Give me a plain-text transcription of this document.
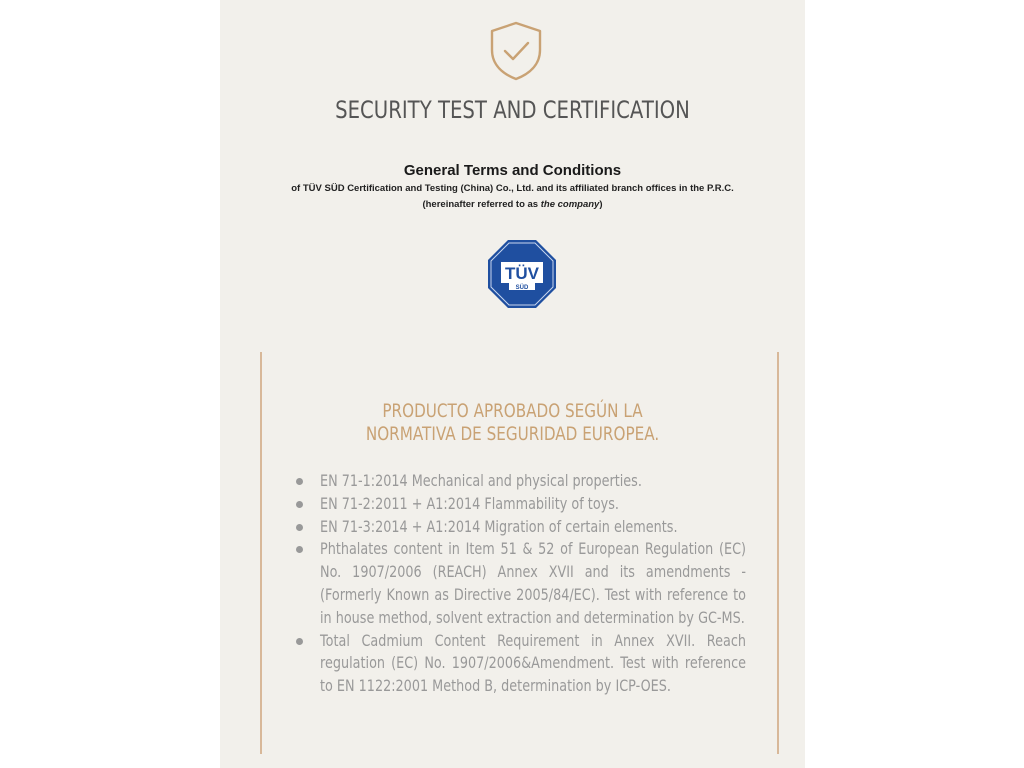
SECURITY TEST AND CERTIFICATION
General Terms and Conditions
of TÜV SÜD Certification and Testing (China) Co., Ltd. and its affiliated branch offices in the P.R.C.
(hereinafter referred to as the company)
TÜV
SÜD
PRODUCTO APROBADO SEGÚN LA
NORMATIVA DE SEGURIDAD EUROPEA.
EN 71-1:2014 Mechanical and physical properties.
EN 71-2:2011 + A1:2014 Flammability of toys.
EN 71-3:2014 + A1:2014 Migration of certain elements.
Phthalates content in Item 51 & 52 of European Regulation (EC) No. 1907/2006 (REACH) Annex XVII and its amendments - (Formerly Known as Directive 2005/84/EC). Test with reference to in house method, solvent extraction and determination by GC-MS.
Total Cadmium Content Requirement in Annex XVII. Reach regulation (EC) No. 1907/2006&Amendment. Test with reference to EN 1122:2001 Method B, determination by ICP-OES.
